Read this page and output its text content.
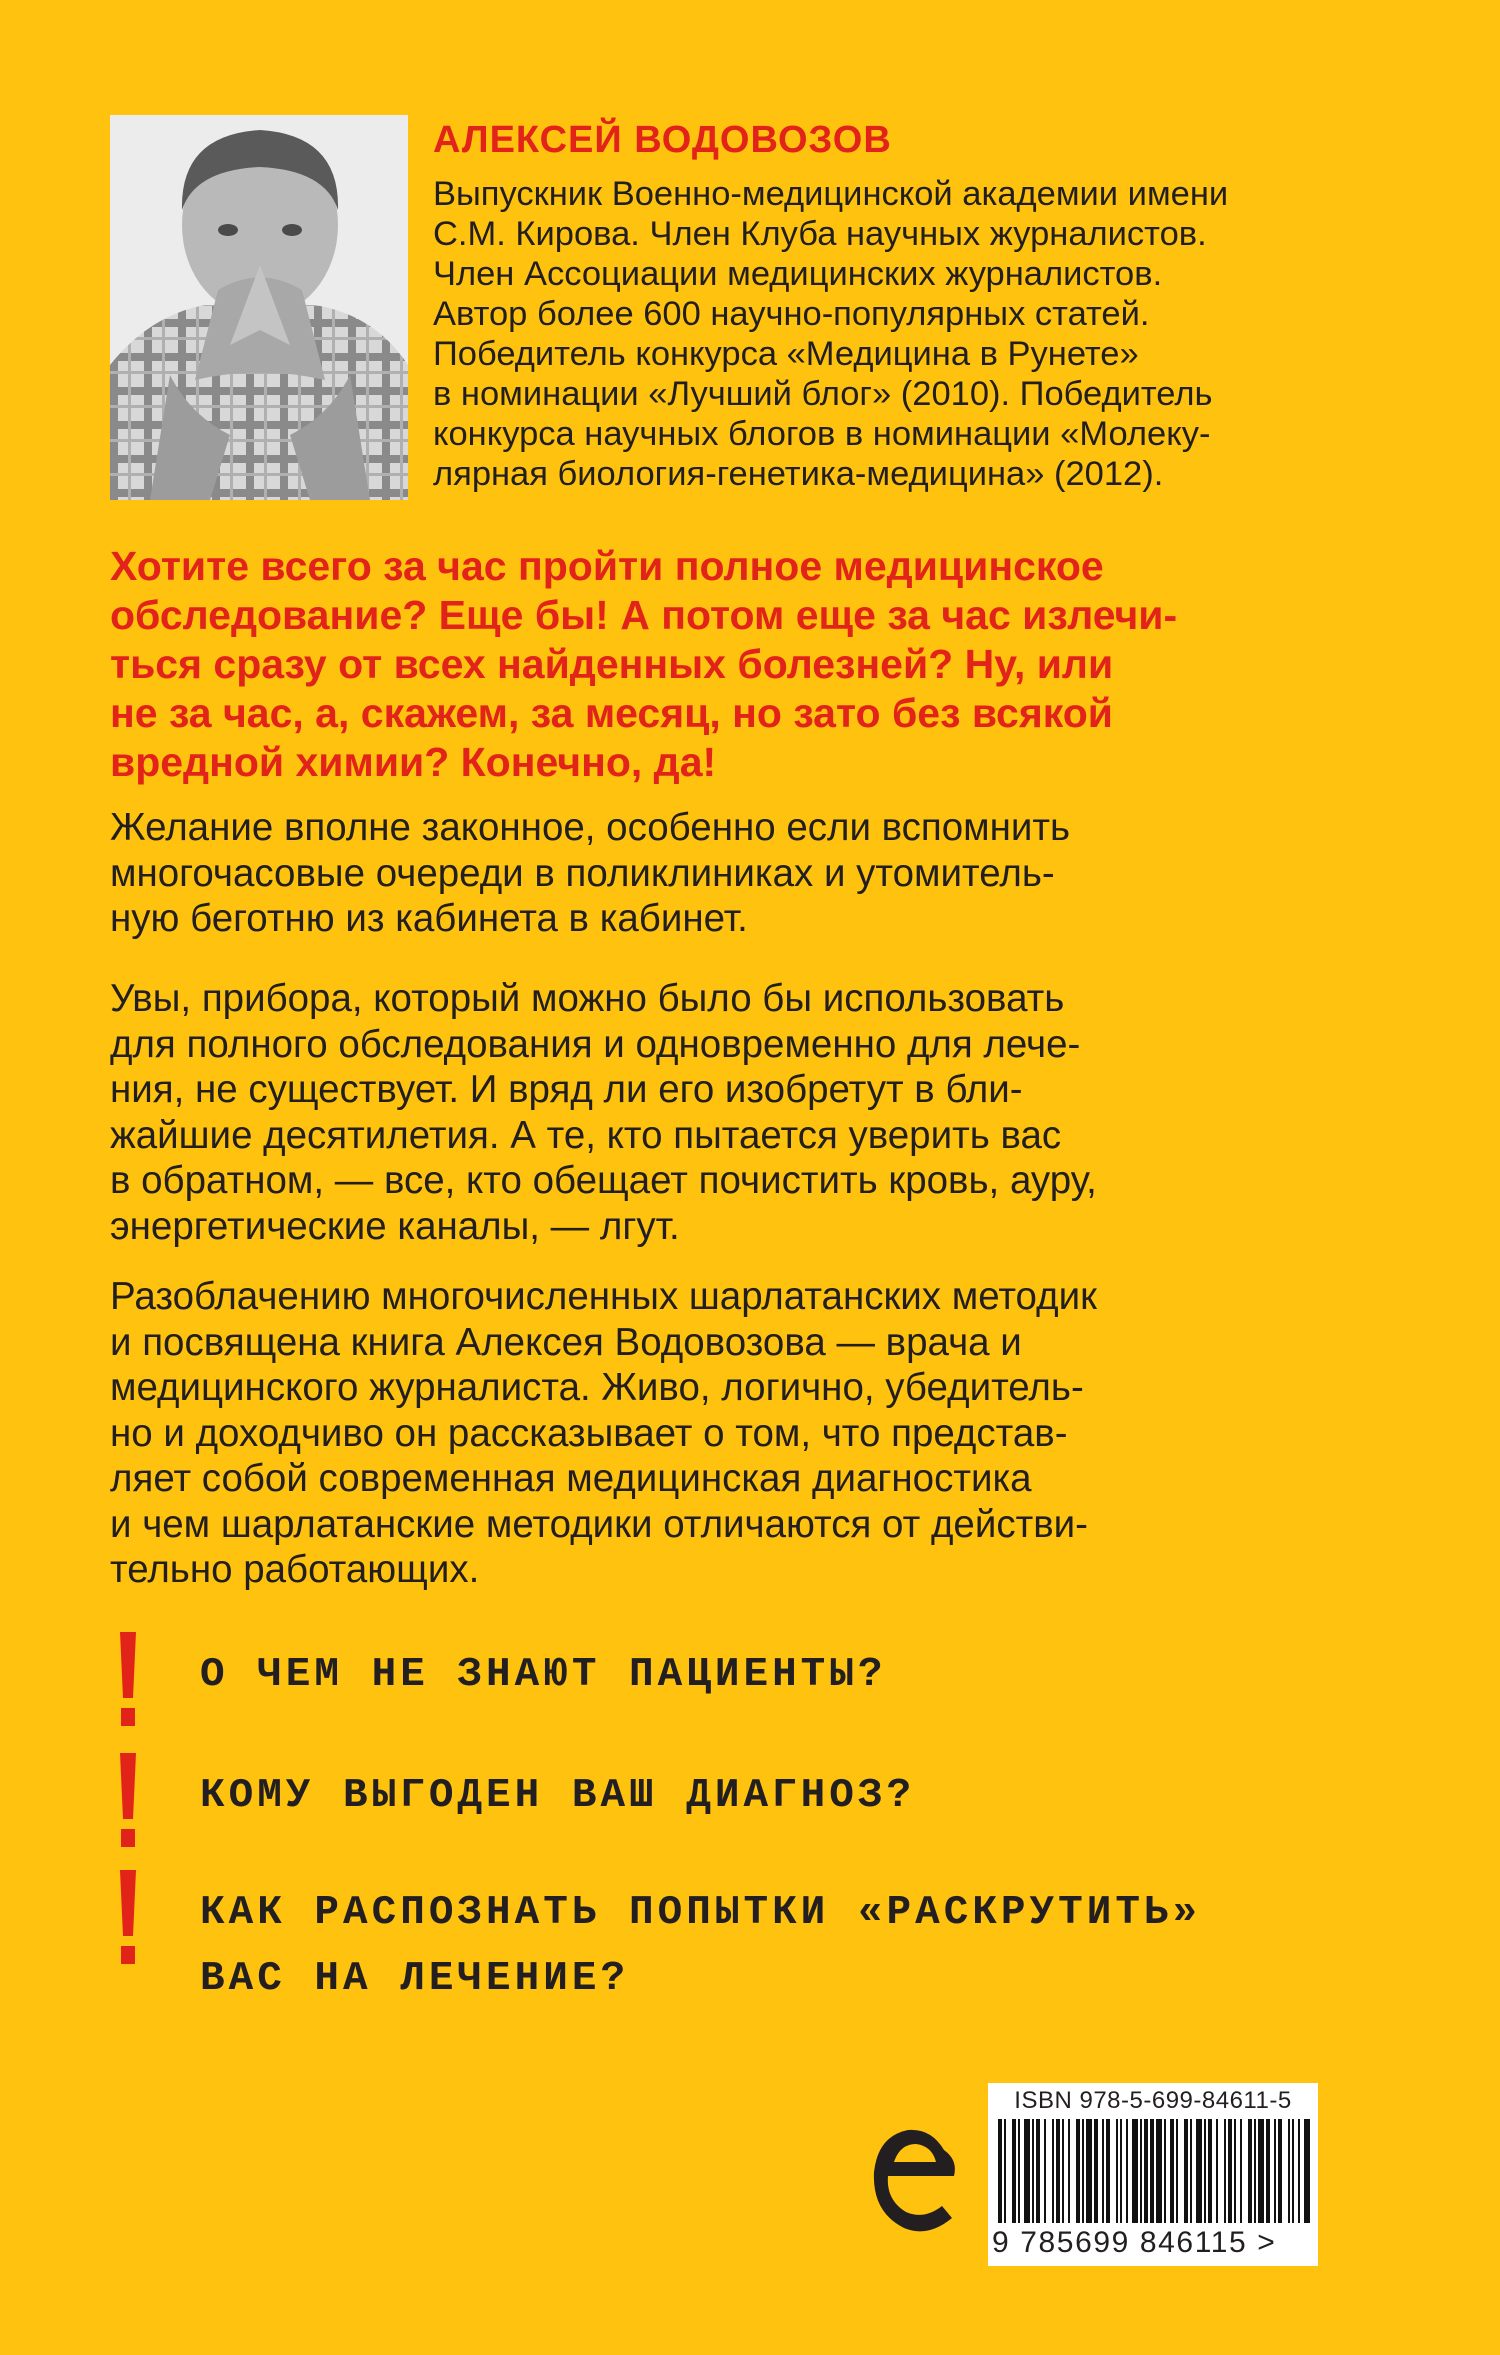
АЛЕКСЕЙ ВОДОВОЗОВ

Выпускник Военно-медицинской академии имени
С.М. Кирова. Член Клуба научных журналистов.
Член Ассоциации медицинских журналистов.
Автор более 600 научно-популярных статей.
Победитель конкурса «Медицина в Рунете»
в номинации «Лучший блог» (2010). Победитель
конкурса научных блогов в номинации «Молеку-
лярная биология-генетика-медицина» (2012).

Хотите всего за час пройти полное медицинское
обследование? Еще бы! А потом еще за час излечи-
ться сразу от всех найденных болезней? Ну, или
не за час, а, скажем, за месяц, но зато без всякой
вредной химии? Конечно, да!

Желание вполне законное, особенно если вспомнить
многочасовые очереди в поликлиниках и утомитель-
ную беготню из кабинета в кабинет.

Увы, прибора, который можно было бы использовать
для полного обследования и одновременно для лече-
ния, не существует. И вряд ли его изобретут в бли-
жайшие десятилетия. А те, кто пытается уверить вас
в обратном, — все, кто обещает почистить кровь, ауру,
энергетические каналы, — лгут.

Разоблачению многочисленных шарлатанских методик
и посвящена книга Алексея Водовозова — врача и
медицинского журналиста. Живо, логично, убедитель-
но и доходчиво он рассказывает о том, что представ-
ляет собой современная медицинская диагностика
и чем шарлатанские методики отличаются от действи-
тельно работающих.

О ЧЕМ НЕ ЗНАЮТ ПАЦИЕНТЫ?
КОМУ ВЫГОДЕН ВАШ ДИАГНОЗ?
КАК РАСПОЗНАТЬ ПОПЫТКИ «РАСКРУТИТЬ»
ВАС НА ЛЕЧЕНИЕ?
ISBN 978-5-699-84611-5
9 785699 846115 >
